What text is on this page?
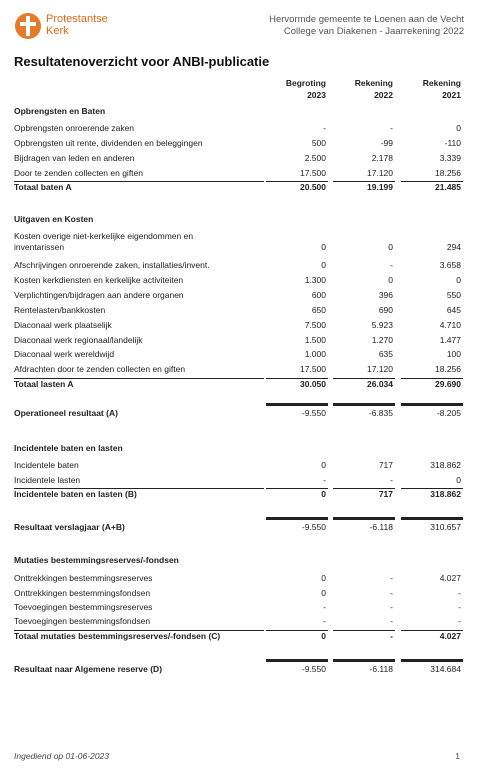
Protestantse
Kerk
Hervormde gemeente te Loenen aan de Vecht
College van Diakenen - Jaarrekening 2022
Resultatenoverzicht voor ANBI-publicatie
Begroting
2023
Rekening
2022
Rekening
2021
Opbrengsten en Baten
Opbrengsten onroerende zaken	-	-	0
Opbrengsten uit rente, dividenden en beleggingen	500	-99	-110
Bijdragen van leden en anderen	2.500	2.178	3.339
Door te zenden collecten en giften	17.500	17.120	18.256
Totaal baten A	20.500	19.199	21.485
Uitgaven en Kosten
Kosten overige niet-kerkelijke eigendommen en inventarissen	0	0	294
Afschrijvingen onroerende zaken, installaties/invent.	0	-	3.658
Kosten kerkdiensten en kerkelijke activiteiten	1.300	0	0
Verplichtingen/bijdragen aan andere organen	600	396	550
Rentelasten/bankkosten	650	690	645
Diaconaal werk plaatselijk	7.500	5.923	4.710
Diaconaal werk regionaal/landelijk	1.500	1.270	1.477
Diaconaal werk wereldwijd	1.000	635	100
Afdrachten door te zenden collecten en giften	17.500	17.120	18.256
Totaal lasten A	30.050	26.034	29.690
Operationeel resultaat (A)	-9.550	-6.835	-8.205
Incidentele baten en lasten
Incidentele baten	0	717	318.862
Incidentele lasten	-	-	0
Incidentele baten en lasten (B)	0	717	318.862
Resultaat verslagjaar (A+B)	-9.550	-6.118	310.657
Mutaties bestemmingsreserves/-fondsen
Onttrekkingen bestemmingsreserves	0	-	4.027
Onttrekkingen bestemmingsfondsen	0	-	-
Toevoegingen bestemmingsreserves	-	-	-
Toevoegingen bestemmingsfondsen	-	-	-
Totaal mutaties bestemmingsreserves/-fondsen (C)	0	-	4.027
Resultaat naar Algemene reserve (D)	-9.550	-6.118	314.684
Ingediend op 01-06-2023	1
